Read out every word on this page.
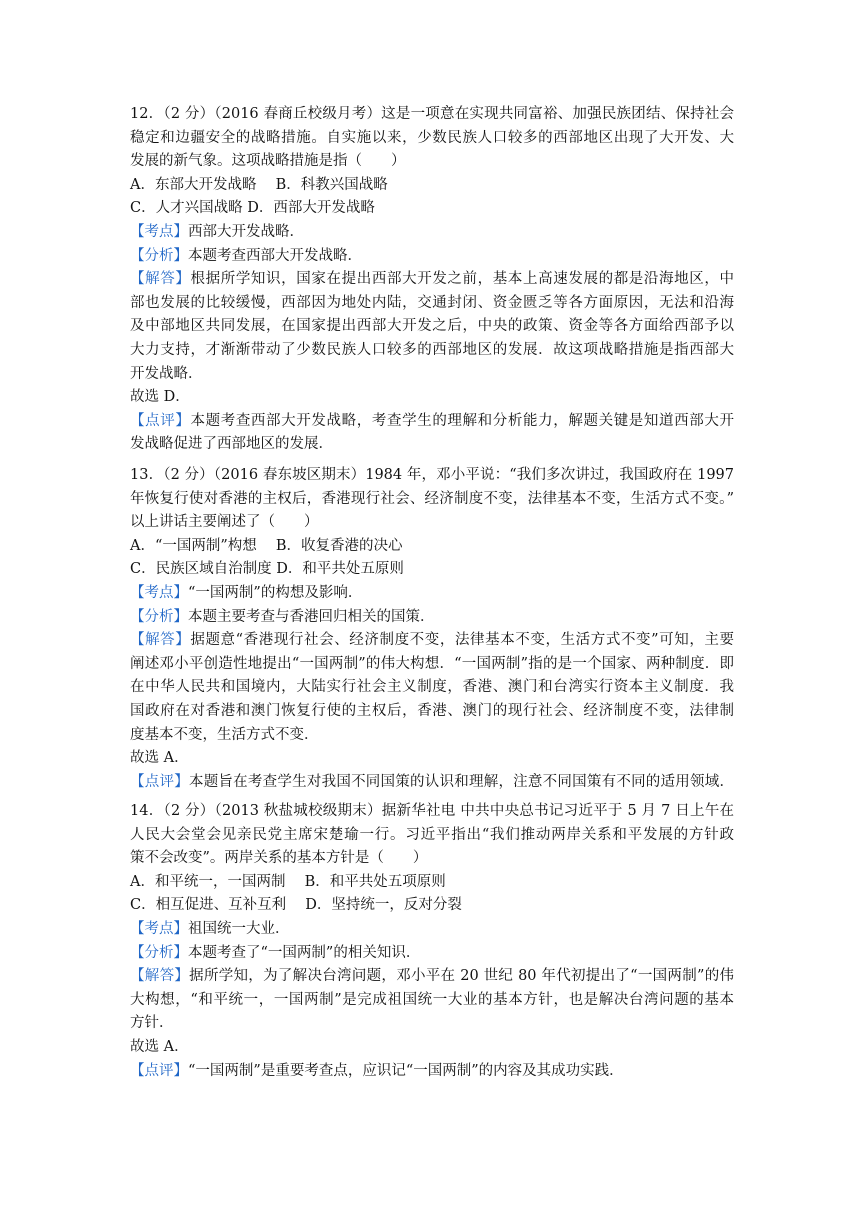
12．（2 分）（2016 春商丘校级月考）这是一项意在实现共同富裕、加强民族团结、保持社会
稳定和边疆安全的战略措施。自实施以来，少数民族人口较多的西部地区出现了大开发、大
发展的新气象。这项战略措施是指（　　）
A．东部大开发战略　 B．科教兴国战略
C．人才兴国战略 D．西部大开发战略
【考点】西部大开发战略．
【分析】本题考查西部大开发战略．
【解答】根据所学知识，国家在提出西部大开发之前，基本上高速发展的都是沿海地区，中
部也发展的比较缓慢，西部因为地处内陆，交通封闭、资金匮乏等各方面原因，无法和沿海
及中部地区共同发展，在国家提出西部大开发之后，中央的政策、资金等各方面给西部予以
大力支持，才渐渐带动了少数民族人口较多的西部地区的发展．故这项战略措施是指西部大
开发战略．
故选 D．
【点评】本题考查西部大开发战略，考查学生的理解和分析能力，解题关键是知道西部大开
发战略促进了西部地区的发展．
13．（2 分）（2016 春东坡区期末）1984 年，邓小平说：“我们多次讲过，我国政府在 1997
年恢复行使对香港的主权后，香港现行社会、经济制度不变，法律基本不变，生活方式不变。”
以上讲话主要阐述了（　　）
A．“一国两制”构想　 B．收复香港的决心
C．民族区域自治制度 D．和平共处五原则
【考点】“一国两制”的构想及影响．
【分析】本题主要考查与香港回归相关的国策．
【解答】据题意“香港现行社会、经济制度不变，法律基本不变，生活方式不变”可知，主要
阐述邓小平创造性地提出“一国两制”的伟大构想．“一国两制”指的是一个国家、两种制度．即
在中华人民共和国境内，大陆实行社会主义制度，香港、澳门和台湾实行资本主义制度．我
国政府在对香港和澳门恢复行使的主权后，香港、澳门的现行社会、经济制度不变，法律制
度基本不变，生活方式不变．
故选 A．
【点评】本题旨在考查学生对我国不同国策的认识和理解，注意不同国策有不同的适用领域．
14．（2 分）（2013 秋盐城校级期末）据新华社电 中共中央总书记习近平于 5 月 7 日上午在
人民大会堂会见亲民党主席宋楚瑜一行。习近平指出“我们推动两岸关系和平发展的方针政
策不会改变”。两岸关系的基本方针是（　　）
A．和平统一，一国两制　 B．和平共处五项原则
C．相互促进、互补互利　 D．坚持统一，反对分裂
【考点】祖国统一大业．
【分析】本题考查了“一国两制”的相关知识．
【解答】据所学知，为了解决台湾问题，邓小平在 20 世纪 80 年代初提出了“一国两制”的伟
大构想，“和平统一，一国两制”是完成祖国统一大业的基本方针，也是解决台湾问题的基本
方针．
故选 A．
【点评】“一国两制”是重要考查点，应识记“一国两制”的内容及其成功实践．
